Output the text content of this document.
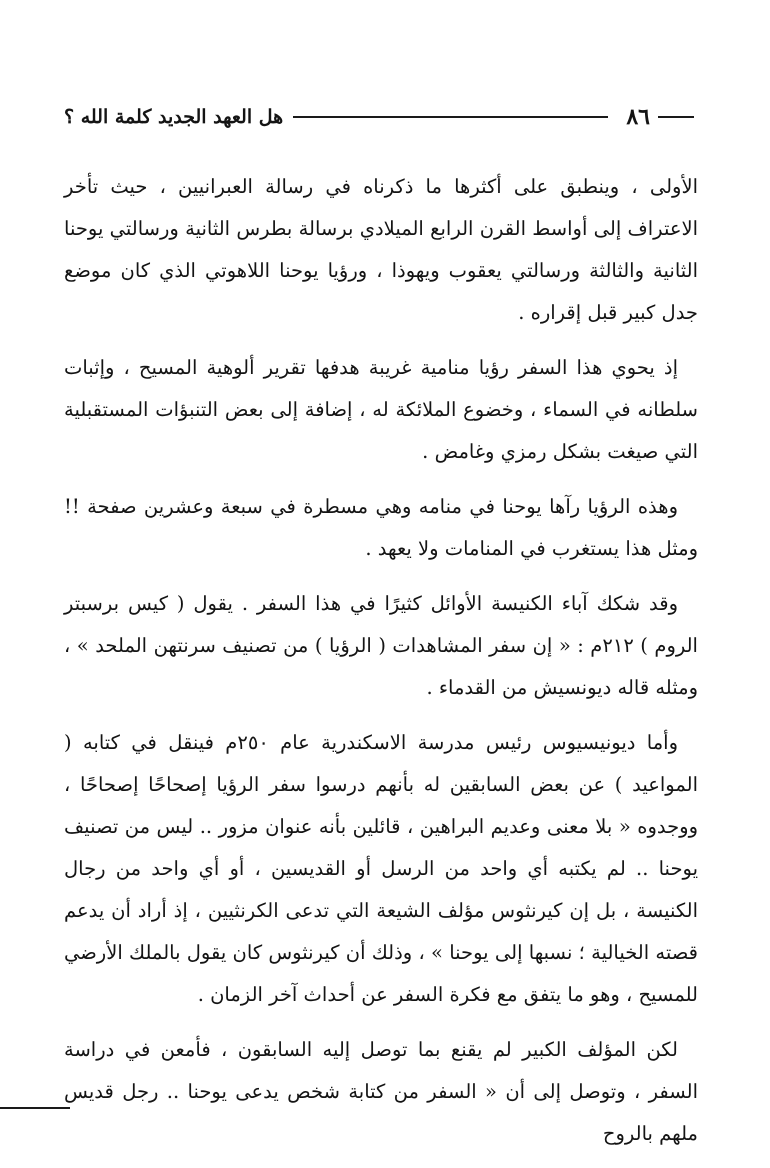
٨٦
هل العهد الجديد كلمة الله ؟

الأولى ، وينطبق على أكثرها ما ذكرناه في رسالة العبرانيين ، حيث تأخر الاعتراف إلى أواسط القرن الرابع الميلادي برسالة بطرس الثانية ورسالتي يوحنا الثانية والثالثة ورسالتي يعقوب ويهوذا ، ورؤيا يوحنا اللاهوتي الذي كان موضع جدل كبير قبل إقراره .

إذ يحوي هذا السفر رؤيا منامية غريبة هدفها تقرير ألوهية المسيح ، وإثبات سلطانه في السماء ، وخضوع الملائكة له ، إضافة إلى بعض التنبؤات المستقبلية التي صيغت بشكل رمزي وغامض .

وهذه الرؤيا رآها يوحنا في منامه وهي مسطرة في سبعة وعشرين صفحة !! ومثل هذا يستغرب في المنامات ولا يعهد .

وقد شكك آباء الكنيسة الأوائل كثيرًا في هذا السفر . يقول ( كيس برسبتر الروم ) ٢١٢م : « إن سفر المشاهدات ( الرؤيا ) من تصنيف سرنتهن الملحد » ، ومثله قاله ديونسيش من القدماء .

وأما ديونيسيوس رئيس مدرسة الاسكندرية عام ٢٥٠م فينقل في كتابه ( المواعيد ) عن بعض السابقين له بأنهم درسوا سفر الرؤيا إصحاحًا إصحاحًا ، ووجدوه « بلا معنى وعديم البراهين ، قائلين بأنه عنوان مزور .. ليس من تصنيف يوحنا .. لم يكتبه أي واحد من الرسل أو القديسين ، أو أي واحد من رجال الكنيسة ، بل إن كيرنثوس مؤلف الشيعة التي تدعى الكرنثيين ، إذ أراد أن يدعم قصته الخيالية ؛ نسبها إلى يوحنا » ، وذلك أن كيرنثوس كان يقول بالملك الأرضي للمسيح ، وهو ما يتفق مع فكرة السفر عن أحداث آخر الزمان .

لكن المؤلف الكبير لم يقنع بما توصل إليه السابقون ، فأمعن في دراسة السفر ، وتوصل إلى أن « السفر من كتابة شخص يدعى يوحنا .. رجل قديس ملهم بالروح
